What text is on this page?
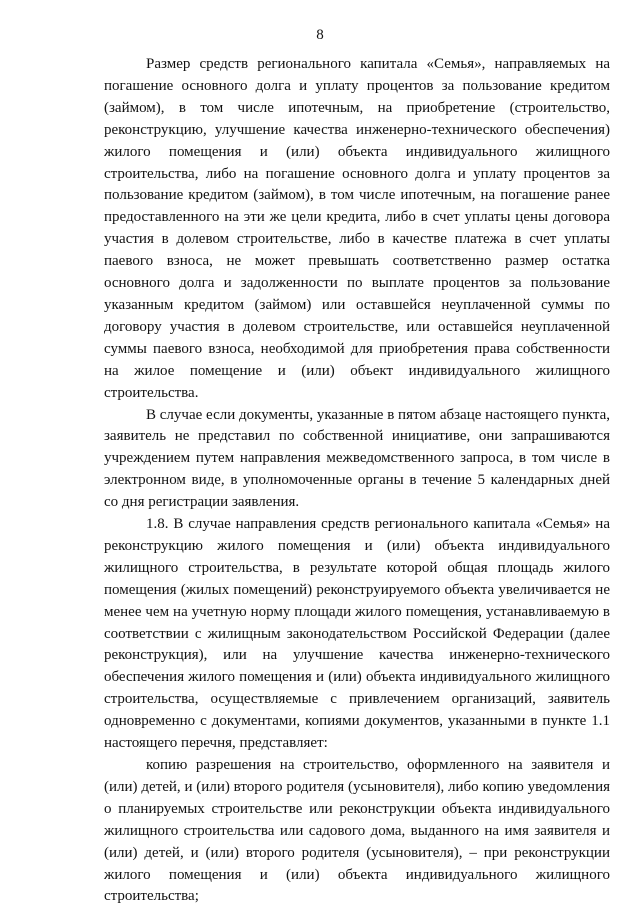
8

Размер средств регионального капитала «Семья», направляемых на погашение основного долга и уплату процентов за пользование кредитом (займом), в том числе ипотечным, на приобретение (строительство, реконструкцию, улучшение качества инженерно-технического обеспечения) жилого помещения и (или) объекта индивидуального жилищного строительства, либо на погашение основного долга и уплату процентов за пользование кредитом (займом), в том числе ипотечным, на погашение ранее предоставленного на эти же цели кредита, либо в счет уплаты цены договора участия в долевом строительстве, либо в качестве платежа в счет уплаты паевого взноса, не может превышать соответственно размер остатка основного долга и задолженности по выплате процентов за пользование указанным кредитом (займом) или оставшейся неуплаченной суммы по договору участия в долевом строительстве, или оставшейся неуплаченной суммы паевого взноса, необходимой для приобретения права собственности на жилое помещение и (или) объект индивидуального жилищного строительства.

В случае если документы, указанные в пятом абзаце настоящего пункта, заявитель не представил по собственной инициативе, они запрашиваются учреждением путем направления межведомственного запроса, в том числе в электронном виде, в уполномоченные органы в течение 5 календарных дней со дня регистрации заявления.

1.8. В случае направления средств регионального капитала «Семья» на реконструкцию жилого помещения и (или) объекта индивидуального жилищного строительства, в результате которой общая площадь жилого помещения (жилых помещений) реконструируемого объекта увеличивается не менее чем на учетную норму площади жилого помещения, устанавливаемую в соответствии с жилищным законодательством Российской Федерации (далее реконструкция), или на улучшение качества инженерно-технического обеспечения жилого помещения и (или) объекта индивидуального жилищного строительства, осуществляемые с привлечением организаций, заявитель одновременно с документами, копиями документов, указанными в пункте 1.1 настоящего перечня, представляет:

копию разрешения на строительство, оформленного на заявителя и (или) детей, и (или) второго родителя (усыновителя), либо копию уведомления о планируемых строительстве или реконструкции объекта индивидуального жилищного строительства или садового дома, выданного на имя заявителя и (или) детей, и (или) второго родителя (усыновителя), – при реконструкции жилого помещения и (или) объекта индивидуального жилищного строительства;
